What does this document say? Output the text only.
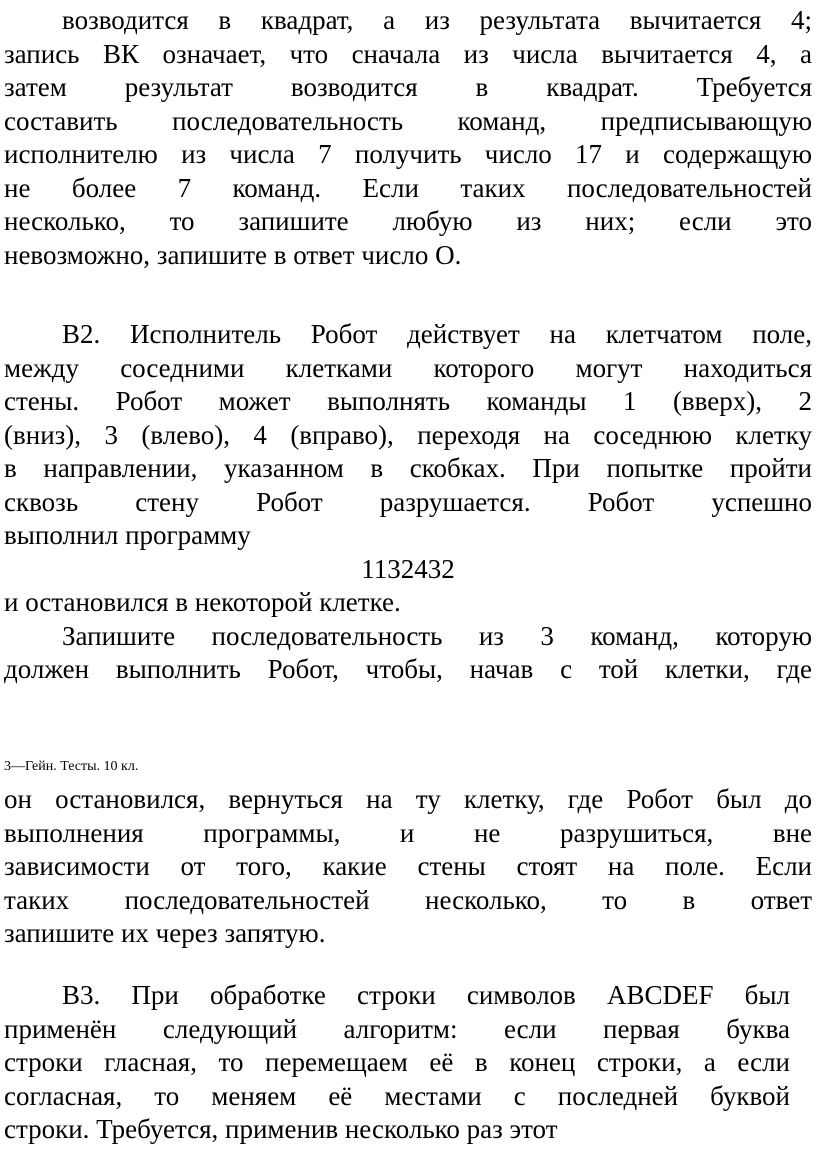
возводится в квадрат, а из результата вычитается 4;
запись ВК означает, что сначала из числа вычитается 4, а
затем результат возводится в квадрат. Требуется
составить последовательность команд, предписывающую
исполнителю из числа 7 получить число 17 и содержащую
не более 7 команд. Если таких последовательностей
несколько, то запишите любую из них; если это
невозможно, запишите в ответ число О.
В2. Исполнитель Робот действует на клетчатом поле,
между соседними клетками которого могут находиться
стены. Робот может выполнять команды 1 (вверх), 2
(вниз), 3 (влево), 4 (вправо), переходя на соседнюю клетку
в направлении, указанном в скобках. При попытке пройти
сквозь стену Робот разрушается. Робот успешно
выполнил программу
1132432
и остановился в некоторой клетке.
Запишите последовательность из 3 команд, которую
должен выполнить Робот, чтобы, начав с той клетки, где

3—Гейн. Тесты. 10 кл.

он остановился, вернуться на ту клетку, где Робот был до
выполнения программы, и не разрушиться, вне
зависимости от того, какие стены стоят на поле. Если
таких последовательностей несколько, то в ответ
запишите их через запятую.
В3. При обработке строки символов ABCDEF был
применён следующий алгоритм: если первая буква
строки гласная, то перемещаем её в конец строки, а если
согласная, то меняем её местами с последней буквой
строки. Требуется, применив несколько раз этот
